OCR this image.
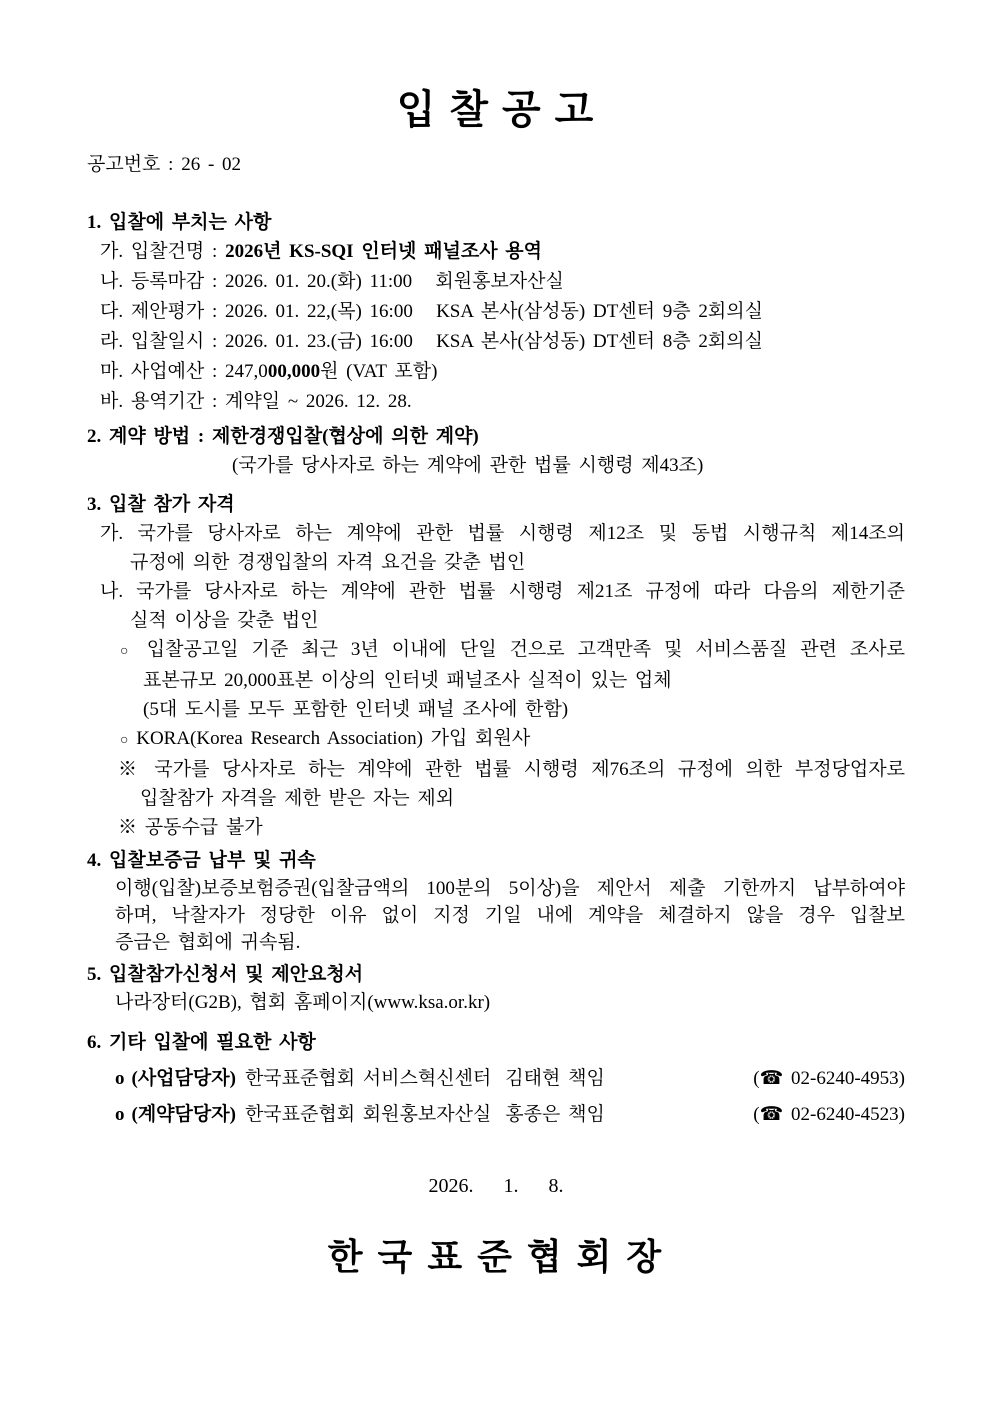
입 찰 공 고
공고번호 : 26 - 02
1. 입찰에 부치는 사항
가. 입찰건명 : 2026년 KS-SQI 인터넷 패널조사 용역
나. 등록마감 : 2026. 01. 20.(화) 11:00   회원홍보자산실
다. 제안평가 : 2026. 01. 22,(목) 16:00   KSA 본사(삼성동) DT센터 9층 2회의실
라. 입찰일시 : 2026. 01. 23.(금) 16:00   KSA 본사(삼성동) DT센터 8층 2회의실
마. 사업예산 : 247,000,000원 (VAT 포함)
바. 용역기간 : 계약일 ~ 2026. 12. 28.
2. 계약 방법 : 제한경쟁입찰(협상에 의한 계약)
(국가를 당사자로 하는 계약에 관한 법률 시행령 제43조)
3. 입찰 참가 자격
가. 국가를 당사자로 하는 계약에 관한 법률 시행령 제12조 및 동법 시행규칙 제14조의
규정에 의한 경쟁입찰의 자격 요건을 갖춘 법인
나. 국가를 당사자로 하는 계약에 관한 법률 시행령 제21조 규정에 따라 다음의 제한기준
실적 이상을 갖춘 법인
○ 입찰공고일 기준 최근 3년 이내에 단일 건으로 고객만족 및 서비스품질 관련 조사로
표본규모 20,000표본 이상의 인터넷 패널조사 실적이 있는 업체
(5대 도시를 모두 포함한 인터넷 패널 조사에 한함)
○ KORA(Korea Research Association) 가입 회원사
※ 국가를 당사자로 하는 계약에 관한 법률 시행령 제76조의 규정에 의한 부정당업자로
입찰참가 자격을 제한 받은 자는 제외
※ 공동수급 불가
4. 입찰보증금 납부 및 귀속
이행(입찰)보증보험증권(입찰금액의 100분의 5이상)을 제안서 제출 기한까지 납부하여야
하며, 낙찰자가 정당한 이유 없이 지정 기일 내에 계약을 체결하지 않을 경우 입찰보
증금은 협회에 귀속됨.
5. 입찰참가신청서 및 제안요청서
나라장터(G2B), 협회 홈페이지(www.ksa.or.kr)
6. 기타 입찰에 필요한 사항
o (사업담당자) 한국표준협회 서비스혁신센터 김태현 책임	(☎ 02-6240-4953)
o (계약담당자) 한국표준협회 회원홍보자산실 홍종은 책임	(☎ 02-6240-4523)
2026.      1.      8.
한 국 표 준 협 회 장
